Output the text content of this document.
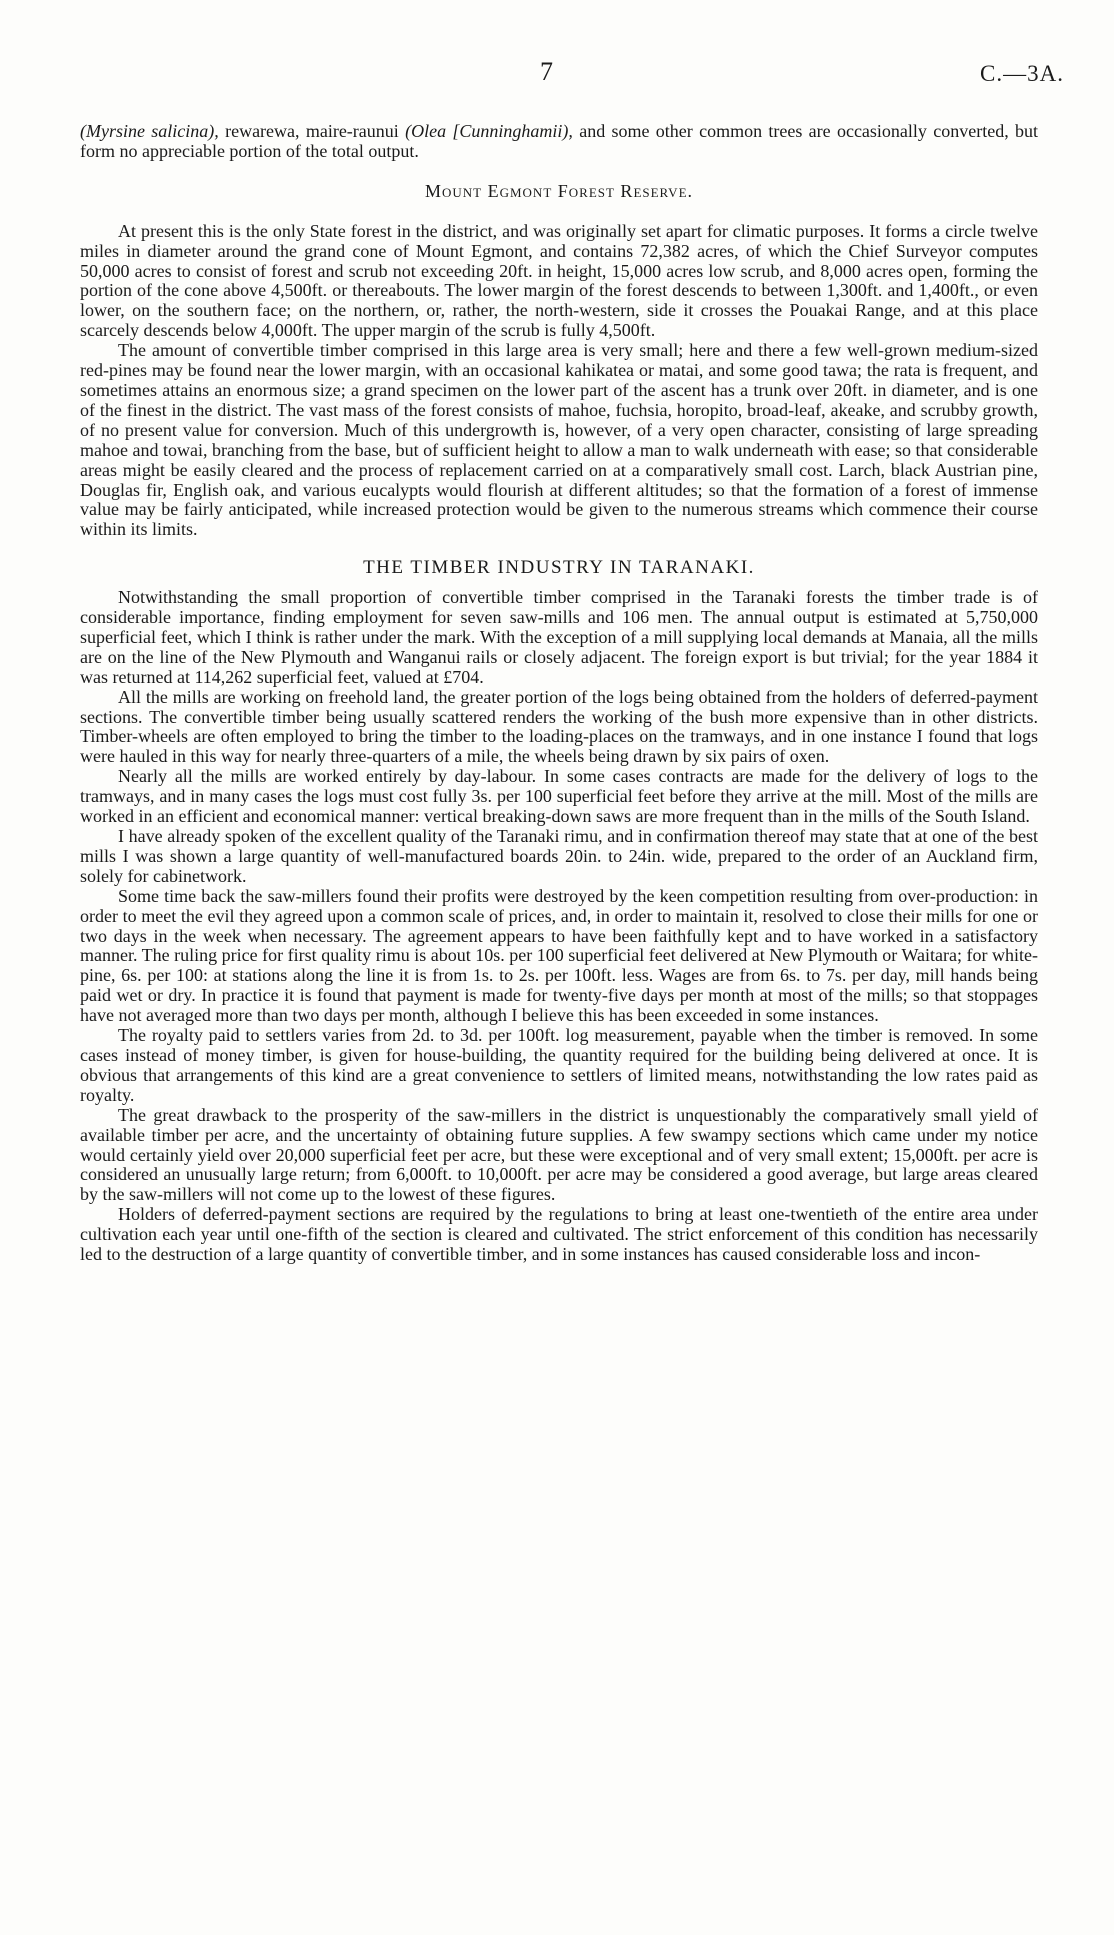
7	C.—3A.

(Myrsine salicina), rewarewa, maire-raunui (Olea [Cunninghamii), and some other common trees are occasionally converted, but form no appreciable portion of the total output.

Mount Egmont Forest Reserve.

At present this is the only State forest in the district, and was originally set apart for climatic purposes. It forms a circle twelve miles in diameter around the grand cone of Mount Egmont, and contains 72,382 acres, of which the Chief Surveyor computes 50,000 acres to consist of forest and scrub not exceeding 20ft. in height, 15,000 acres low scrub, and 8,000 acres open, forming the portion of the cone above 4,500ft. or thereabouts. The lower margin of the forest descends to between 1,300ft. and 1,400ft., or even lower, on the southern face; on the northern, or, rather, the north-western, side it crosses the Pouakai Range, and at this place scarcely descends below 4,000ft. The upper margin of the scrub is fully 4,500ft.

The amount of convertible timber comprised in this large area is very small; here and there a few well-grown medium-sized red-pines may be found near the lower margin, with an occasional kahikatea or matai, and some good tawa; the rata is frequent, and sometimes attains an enormous size; a grand specimen on the lower part of the ascent has a trunk over 20ft. in diameter, and is one of the finest in the district. The vast mass of the forest consists of mahoe, fuchsia, horopito, broad-leaf, akeake, and scrubby growth, of no present value for conversion. Much of this undergrowth is, however, of a very open character, consisting of large spreading mahoe and towai, branching from the base, but of sufficient height to allow a man to walk underneath with ease; so that considerable areas might be easily cleared and the process of replacement carried on at a comparatively small cost. Larch, black Austrian pine, Douglas fir, English oak, and various eucalypts would flourish at different altitudes; so that the formation of a forest of immense value may be fairly anticipated, while increased protection would be given to the numerous streams which commence their course within its limits.

THE TIMBER INDUSTRY IN TARANAKI.

Notwithstanding the small proportion of convertible timber comprised in the Taranaki forests the timber trade is of considerable importance, finding employment for seven saw-mills and 106 men. The annual output is estimated at 5,750,000 superficial feet, which I think is rather under the mark. With the exception of a mill supplying local demands at Manaia, all the mills are on the line of the New Plymouth and Wanganui rails or closely adjacent. The foreign export is but trivial; for the year 1884 it was returned at 114,262 superficial feet, valued at £704.

All the mills are working on freehold land, the greater portion of the logs being obtained from the holders of deferred-payment sections. The convertible timber being usually scattered renders the working of the bush more expensive than in other districts. Timber-wheels are often employed to bring the timber to the loading-places on the tramways, and in one instance I found that logs were hauled in this way for nearly three-quarters of a mile, the wheels being drawn by six pairs of oxen.

Nearly all the mills are worked entirely by day-labour. In some cases contracts are made for the delivery of logs to the tramways, and in many cases the logs must cost fully 3s. per 100 superficial feet before they arrive at the mill. Most of the mills are worked in an efficient and economical manner: vertical breaking-down saws are more frequent than in the mills of the South Island.

I have already spoken of the excellent quality of the Taranaki rimu, and in confirmation thereof may state that at one of the best mills I was shown a large quantity of well-manufactured boards 20in. to 24in. wide, prepared to the order of an Auckland firm, solely for cabinetwork.

Some time back the saw-millers found their profits were destroyed by the keen competition resulting from over-production: in order to meet the evil they agreed upon a common scale of prices, and, in order to maintain it, resolved to close their mills for one or two days in the week when necessary. The agreement appears to have been faithfully kept and to have worked in a satisfactory manner. The ruling price for first quality rimu is about 10s. per 100 superficial feet delivered at New Plymouth or Waitara; for white-pine, 6s. per 100: at stations along the line it is from 1s. to 2s. per 100ft. less. Wages are from 6s. to 7s. per day, mill hands being paid wet or dry. In practice it is found that payment is made for twenty-five days per month at most of the mills; so that stoppages have not averaged more than two days per month, although I believe this has been exceeded in some instances.

The royalty paid to settlers varies from 2d. to 3d. per 100ft. log measurement, payable when the timber is removed. In some cases instead of money timber, is given for house-building, the quantity required for the building being delivered at once. It is obvious that arrangements of this kind are a great convenience to settlers of limited means, notwithstanding the low rates paid as royalty.

The great drawback to the prosperity of the saw-millers in the district is unquestionably the comparatively small yield of available timber per acre, and the uncertainty of obtaining future supplies. A few swampy sections which came under my notice would certainly yield over 20,000 superficial feet per acre, but these were exceptional and of very small extent; 15,000ft. per acre is considered an unusually large return; from 6,000ft. to 10,000ft. per acre may be considered a good average, but large areas cleared by the saw-millers will not come up to the lowest of these figures.

Holders of deferred-payment sections are required by the regulations to bring at least one-twentieth of the entire area under cultivation each year until one-fifth of the section is cleared and cultivated. The strict enforcement of this condition has necessarily led to the destruction of a large quantity of convertible timber, and in some instances has caused considerable loss and incon-
